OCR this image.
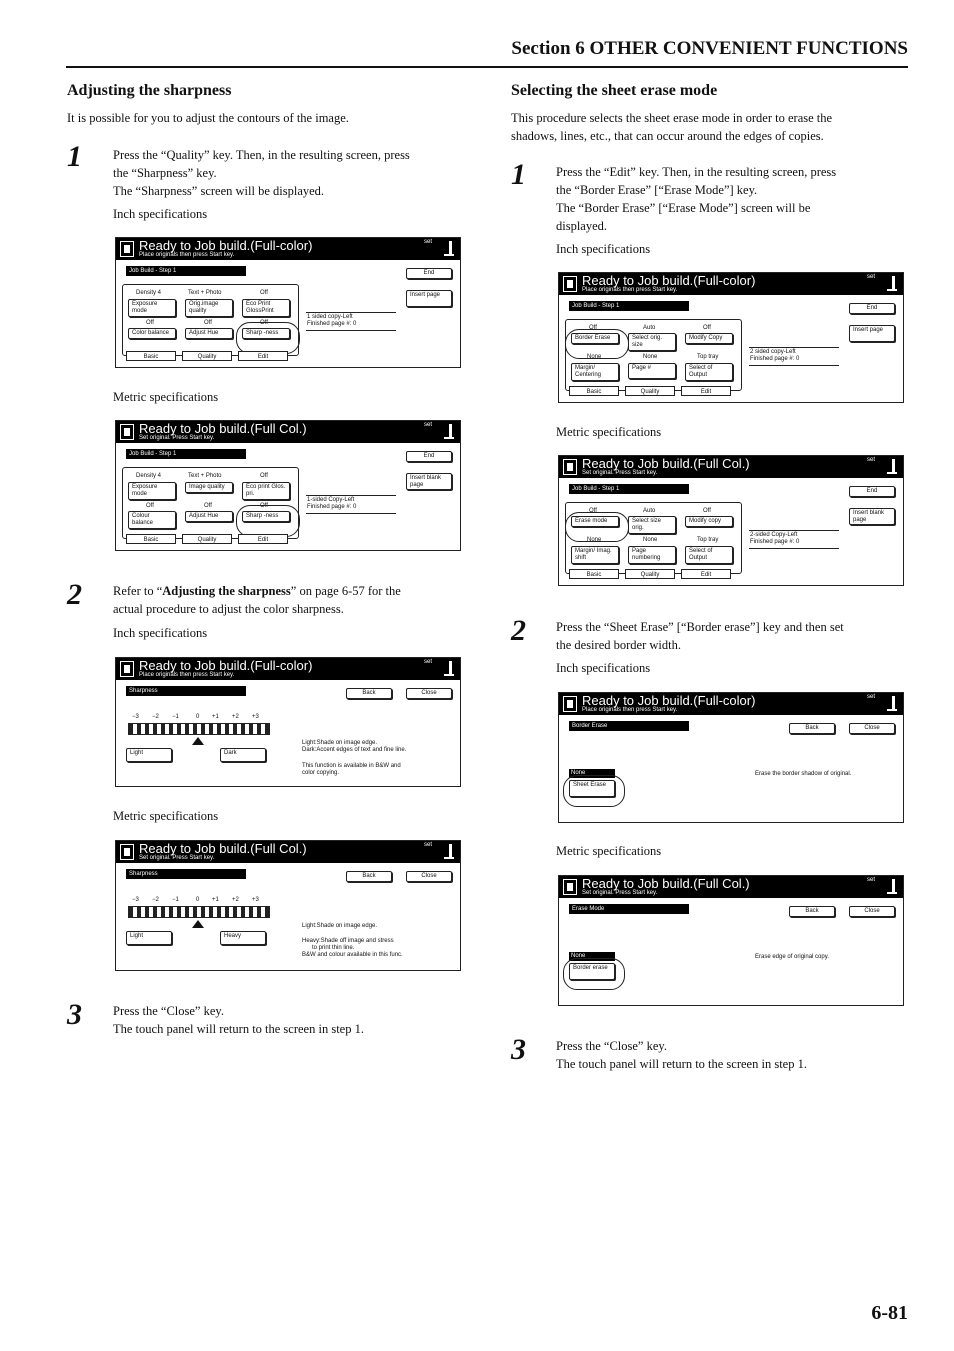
Section 6 OTHER CONVENIENT FUNCTIONS
Adjusting the sharpness
It is possible for you to adjust the contours of the image.
1 Press the “Quality” key. Then, in the resulting screen, press
the “Sharpness” key.
The “Sharpness” screen will be displayed.
Inch specifications
Ready to Job build.(Full-color)
Place originals then press Start key.
set
Job Build - Step 1	End
Density 4	Text + Photo	Off
Exposure mode
Orig.image quality
Eco Print GlossPrint
Off	Off	Off
Color balance	Adjust Hue	Sharp -ness
1 sided copy-Left
Finished page #: 0
Insert page
Basic	Quality	Edit
Metric specifications
Ready to Job build.(Full Col.)
Set original. Press Start key.
set
Job Build - Step 1	End
Density 4	Text + Photo	Off
Exposure mode
Image quality	Eco print Glos. pri.
Off	Off	Off
Colour balance
Adjust Hue	Sharp -ness
1-sided Copy-Left
Finished page #: 0
Insert blank page
Basic	Quality	Edit
2 Refer to “Adjusting the sharpness” on page 6-57 for the
actual procedure to adjust the color sharpness.
Inch specifications
Ready to Job build.(Full-color)
Place originals then press Start key.
set
Sharpness	Back	Close
−3 −2 −1	0 +1 +2 +3
Light	Dark
Light:Shade on image edge.
Dark:Accent edges of text and fine line.
This function is available in B&W and
color copying.
Metric specifications
Ready to Job build.(Full Col.)
Set original. Press Start key.
set
Sharpness	Back	Close
−3 −2 −1	0 +1 +2 +3
Light	Heavy
Light:Shade on image edge.
Heavy:Shade off image and stress
to print thin line.
B&W and colour available in this func.
3 Press the “Close” key.
The touch panel will return to the screen in step 1.
Selecting the sheet erase mode
This procedure selects the sheet erase mode in order to erase the
shadows, lines, etc., that can occur around the edges of copies.
1 Press the “Edit” key. Then, in the resulting screen, press
the “Border Erase” [“Erase Mode”] key.
The “Border Erase” [“Erase Mode”] screen will be
displayed.
Inch specifications
Ready to Job build.(Full-color)
Place originals then press Start key.
set
Job Build - Step 1	End
Off	Auto	Off
Border Erase	Select orig. size
Modify Copy
None	None	Top tray
Margin/ Centering
Page #	Select of Output
2 sided copy-Left
Finished page #: 0
Insert page
Basic	Quality	Edit
Metric specifications
Ready to Job build.(Full Col.)
Set original. Press Start key.
set
Job Build - Step 1	End
Off	Auto	Off
Erase mode	Select size orig.
Modify copy
None	None	Top tray
Margin/ Imag. shift
Page numbering
Select of Output
2-sided Copy-Left
Finished page #: 0
Insert blank page
Basic	Quality	Edit
2 Press the “Sheet Erase” [“Border erase”] key and then set
the desired border width.
Inch specifications
Ready to Job build.(Full-color)
Place originals then press Start key.
set
Border Erase	Back	Close
None
Sheet Erase
Erase the border shadow of original.
Metric specifications
Ready to Job build.(Full Col.)
Set original. Press Start key.
set
Erase Mode	Back	Close
None
Border erase
Erase edge of original copy.
3 Press the “Close” key.
The touch panel will return to the screen in step 1.
6-81
